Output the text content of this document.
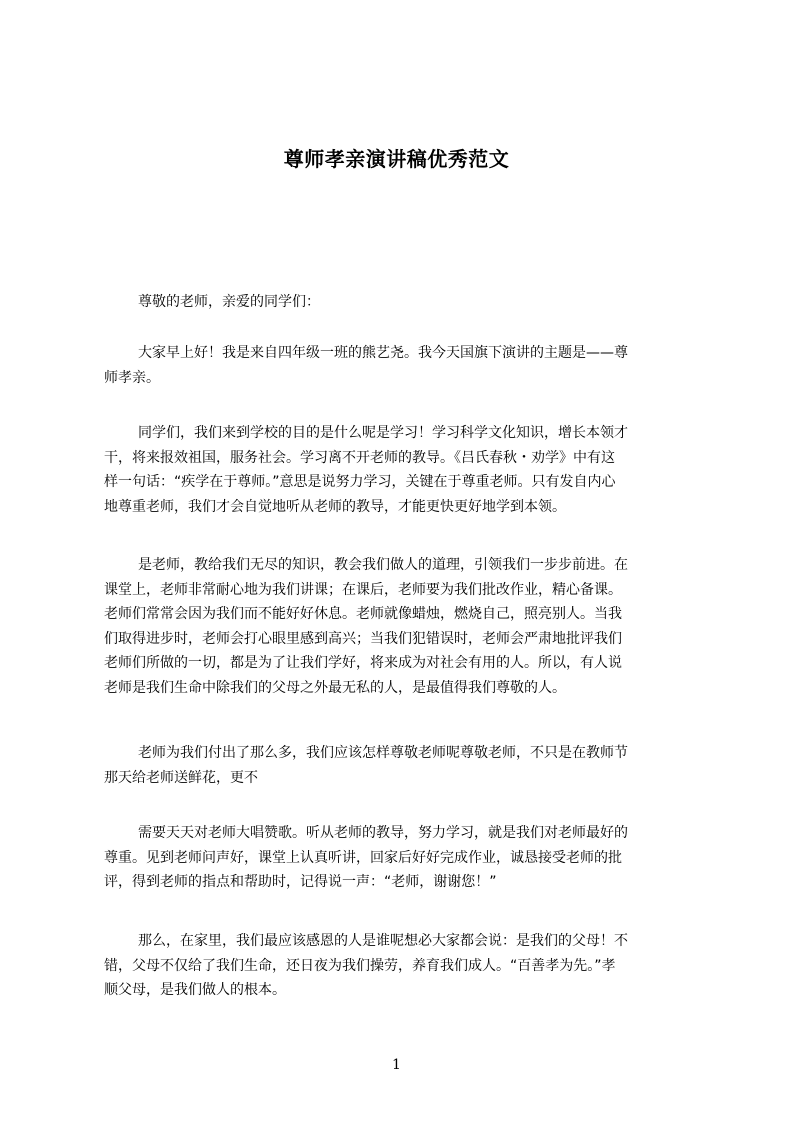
尊师孝亲演讲稿优秀范文
尊敬的老师，亲爱的同学们：
大家早上好！我是来自四年级一班的熊艺尧。我今天国旗下演讲的主题是——尊
师孝亲。
同学们，我们来到学校的目的是什么呢是学习！学习科学文化知识，增长本领才
干，将来报效祖国，服务社会。学习离不开老师的教导。《吕氏春秋・劝学》中有这
样一句话：“疾学在于尊师。”意思是说努力学习，关键在于尊重老师。只有发自内心
地尊重老师，我们才会自觉地听从老师的教导，才能更快更好地学到本领。
是老师，教给我们无尽的知识，教会我们做人的道理，引领我们一步步前进。在
课堂上，老师非常耐心地为我们讲课；在课后，老师要为我们批改作业，精心备课。
老师们常常会因为我们而不能好好休息。老师就像蜡烛，燃烧自己，照亮别人。当我
们取得进步时，老师会打心眼里感到高兴；当我们犯错误时，老师会严肃地批评我们
老师们所做的一切，都是为了让我们学好，将来成为对社会有用的人。所以，有人说
老师是我们生命中除我们的父母之外最无私的人，是最值得我们尊敬的人。
老师为我们付出了那么多，我们应该怎样尊敬老师呢尊敬老师，不只是在教师节
那天给老师送鲜花，更不
需要天天对老师大唱赞歌。听从老师的教导，努力学习，就是我们对老师最好的
尊重。见到老师问声好，课堂上认真听讲，回家后好好完成作业，诚恳接受老师的批
评，得到老师的指点和帮助时，记得说一声：“老师，谢谢您！”
那么，在家里，我们最应该感恩的人是谁呢想必大家都会说：是我们的父母！不
错，父母不仅给了我们生命，还日夜为我们操劳，养育我们成人。“百善孝为先。”孝
顺父母，是我们做人的根本。
1
